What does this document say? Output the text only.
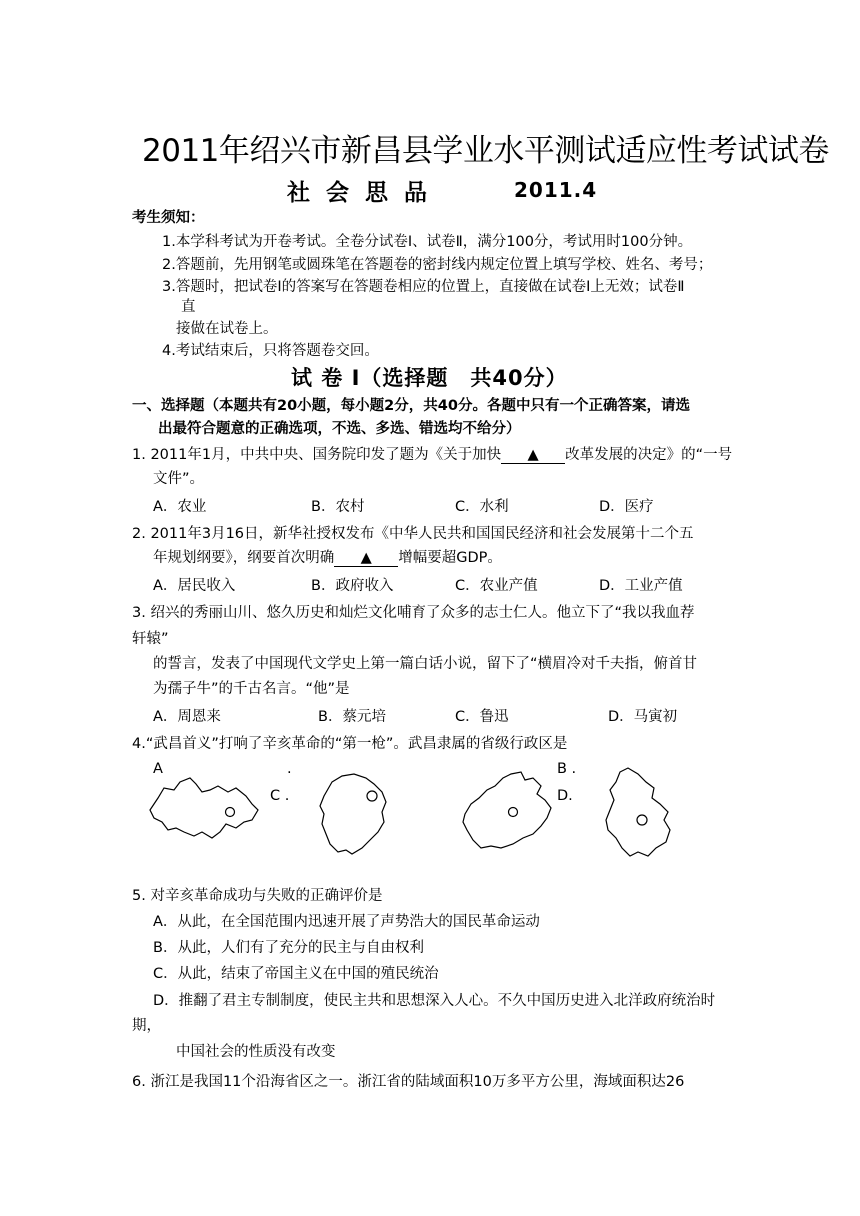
2011年绍兴市新昌县学业水平测试适应性考试试卷
社会思品	2011.4
考生须知：
1.本学科考试为开卷考试。全卷分试卷Ⅰ、试卷Ⅱ，满分100分，考试用时100分钟。
2.答题前，先用钢笔或圆珠笔在答题卷的密封线内规定位置上填写学校、姓名、考号；
3.答题时，把试卷Ⅰ的答案写在答题卷相应的位置上，直接做在试卷Ⅰ上无效；试卷Ⅱ
直
接做在试卷上。
4.考试结束后，只将答题卷交回。
试 卷 Ⅰ（选择题　共40分）
一、选择题（本题共有20小题，每小题2分，共40分。各题中只有一个正确答案，请选
出最符合题意的正确选项，不选、多选、错选均不给分）
1. 2011年1月，中共中央、国务院印发了题为《关于加快 ▲ 改革发展的决定》的“一号
文件”。
A．农业	B．农村	C．水利	D．医疗
2. 2011年3月16日，新华社授权发布《中华人民共和国国民经济和社会发展第十二个五
年规划纲要》，纲要首次明确 ▲ 增幅要超GDP。
A．居民收入	B．政府收入	C．农业产值	D．工业产值
3. 绍兴的秀丽山川、悠久历史和灿烂文化哺育了众多的志士仁人。他立下了“我以我血荐
轩辕”
的誓言，发表了中国现代文学史上第一篇白话小说，留下了“横眉冷对千夫指，俯首甘
为孺子牛”的千古名言。“他”是
A．周恩来	B．蔡元培	C．鲁迅	D．马寅初
4.“武昌首义”打响了辛亥革命的“第一枪”。武昌隶属的省级行政区是
A	.
C .
B .
D.
5. 对辛亥革命成功与失败的正确评价是
A．从此，在全国范围内迅速开展了声势浩大的国民革命运动
B．从此，人们有了充分的民主与自由权利
C．从此，结束了帝国主义在中国的殖民统治
D．推翻了君主专制制度，使民主共和思想深入人心。不久中国历史进入北洋政府统治时
期，
中国社会的性质没有改变
6. 浙江是我国11个沿海省区之一。浙江省的陆域面积10万多平方公里，海域面积达26
